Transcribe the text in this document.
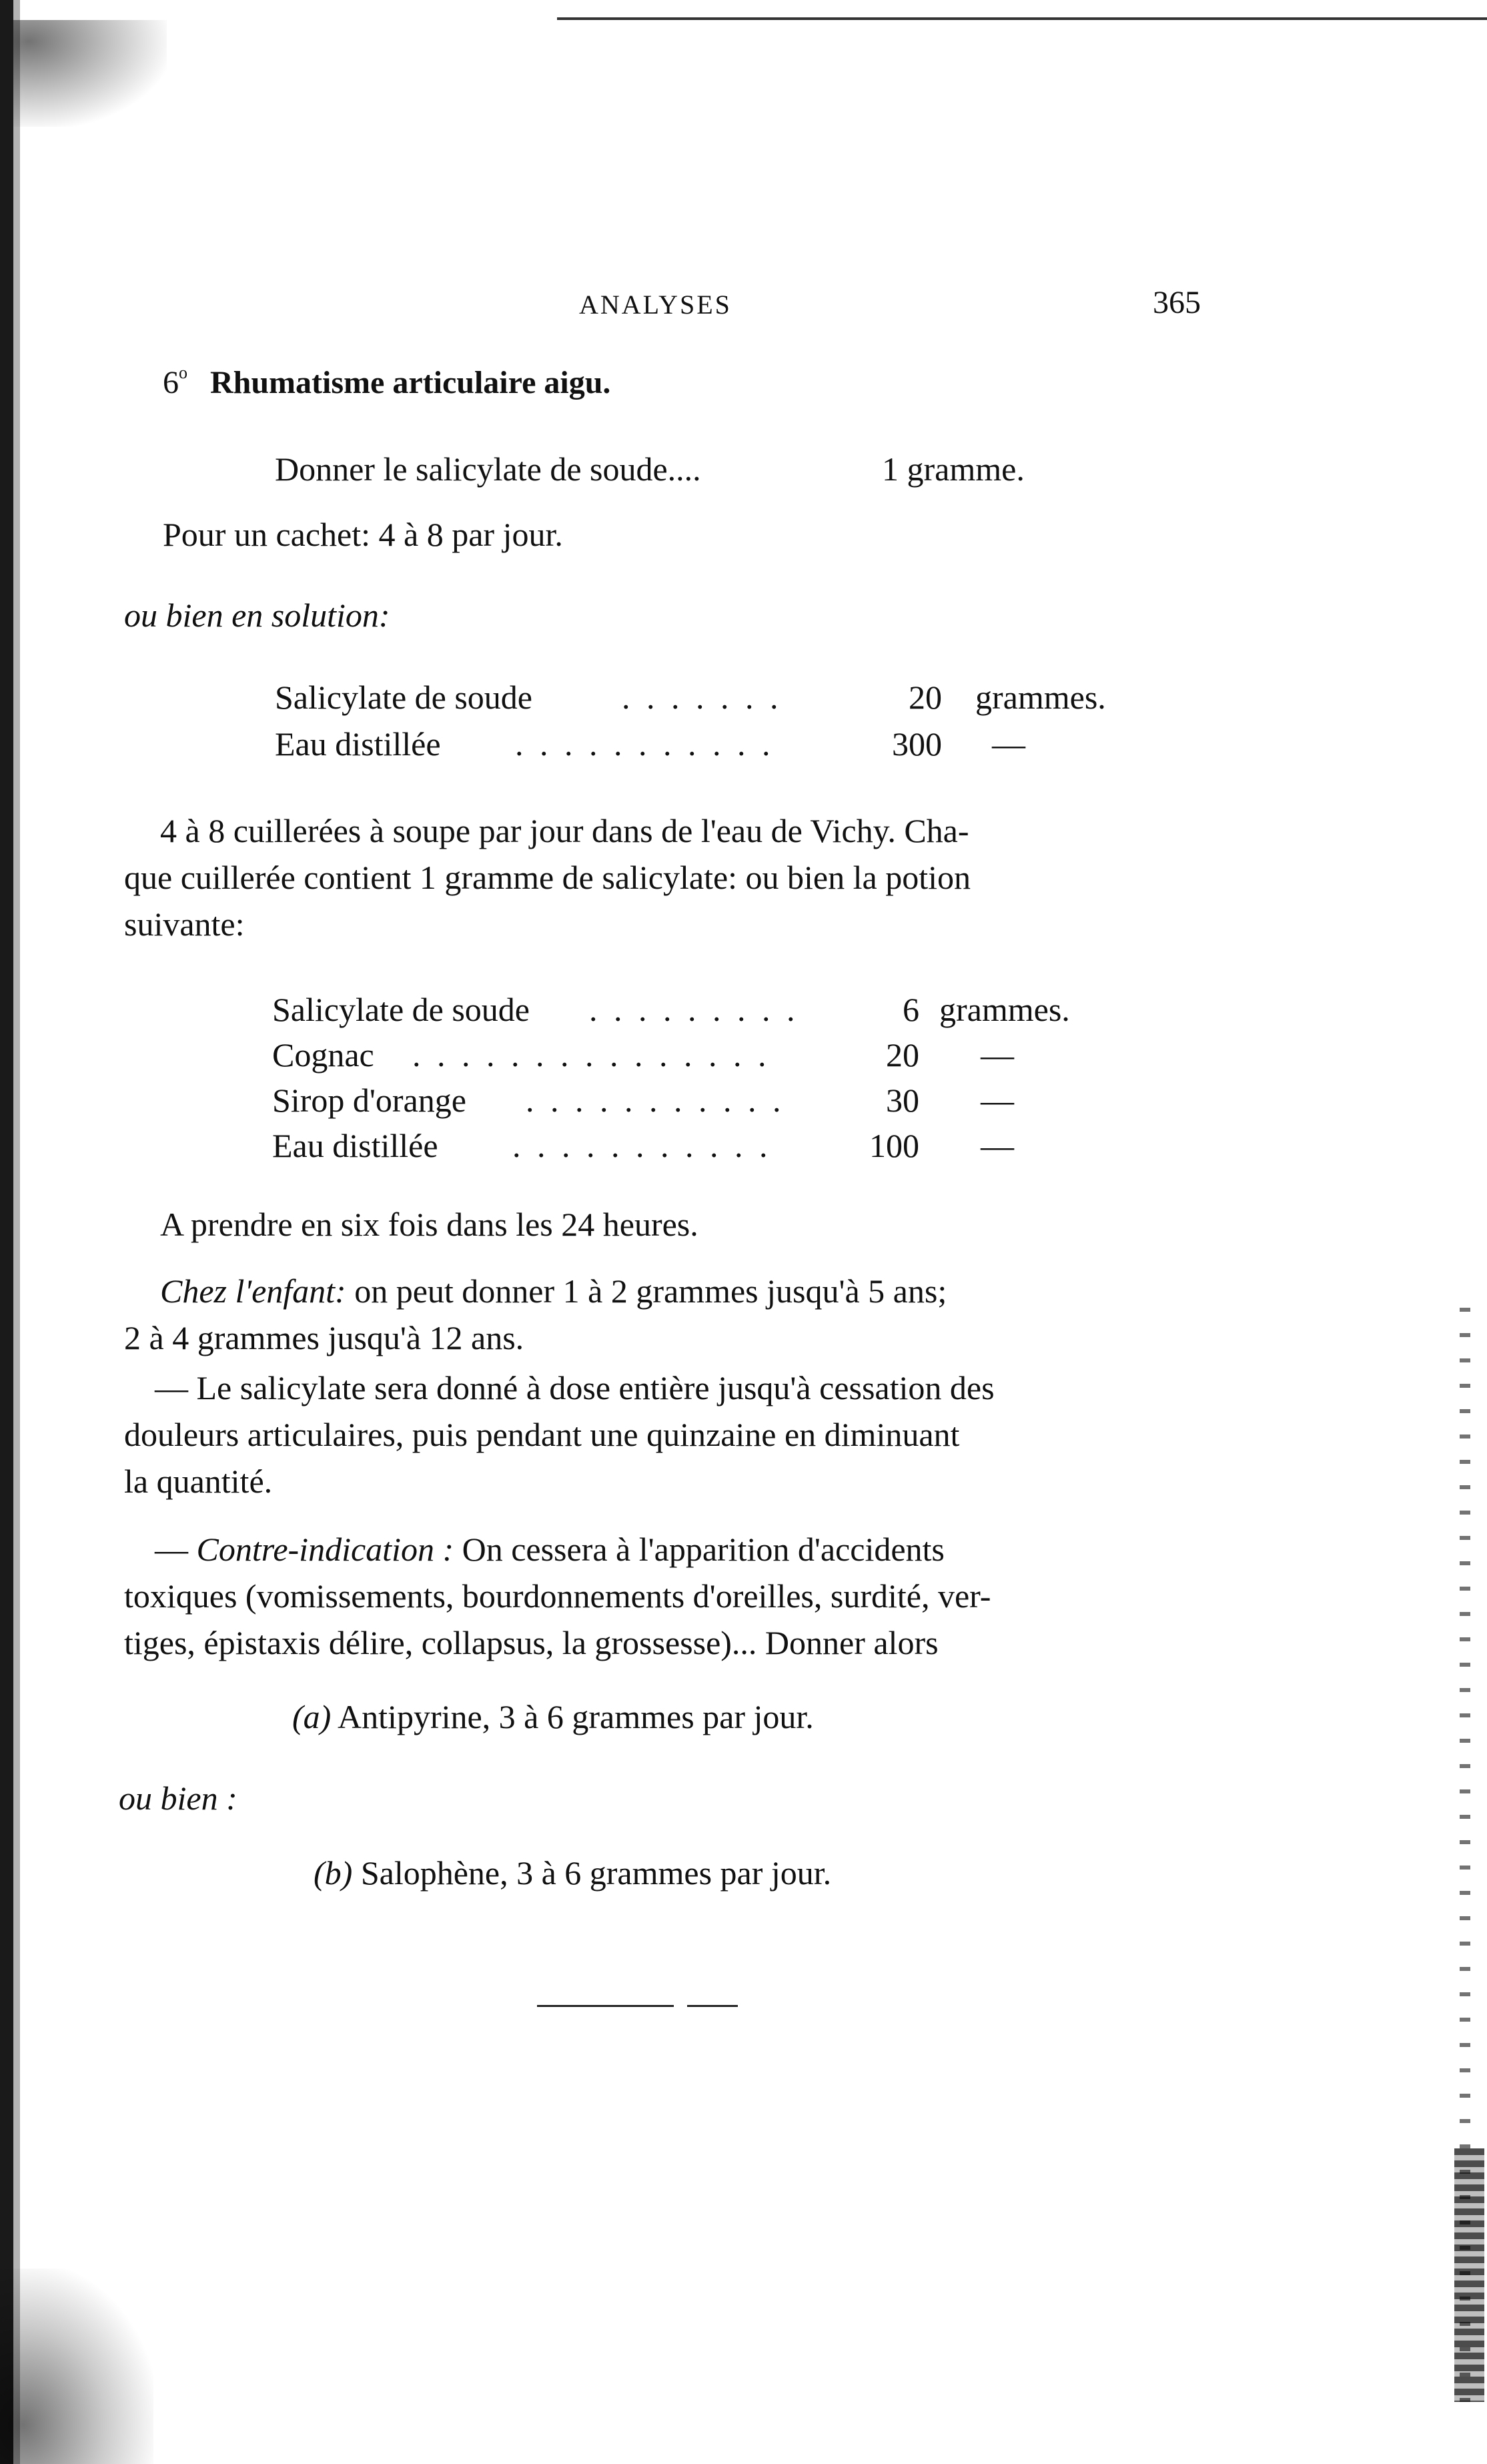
ANALYSES	365
6$^o$ Rhumatisme articulaire aigu.
Donner le salicylate de soude....	1 gramme.
Pour un cachet: 4 à 8 par jour.
ou bien en solution:
Salicylate de soude	. . . . . . .	20 grammes.
Eau distillée . . . . . . . . . . .	300 —
4 à 8 cuillerées à soupe par jour dans de l'eau de Vichy. Cha-
que cuillerée contient 1 gramme de salicylate: ou bien la potion
suivante:
Salicylate de soude . . . . . . . . .	6 grammes.
Cognac . . . . . . . . . . . . . . .	20 —
Sirop d'orange . . . . . . . . . . .	30 —
Eau distillée . . . . . . . . . . .	100 —
A prendre en six fois dans les 24 heures.
Chez l'enfant: on peut donner 1 à 2 grammes jusqu'à 5 ans;
2 à 4 grammes jusqu'à 12 ans.
— Le salicylate sera donné à dose entière jusqu'à cessation des
douleurs articulaires, puis pendant une quinzaine en diminuant
la quantité.
— Contre-indication : On cessera à l'apparition d'accidents
toxiques (vomissements, bourdonnements d'oreilles, surdité, ver-
tiges, épistaxis délire, collapsus, la grossesse)... Donner alors
(a) Antipyrine, 3 à 6 grammes par jour.
ou bien :
(b) Salophène, 3 à 6 grammes par jour.
